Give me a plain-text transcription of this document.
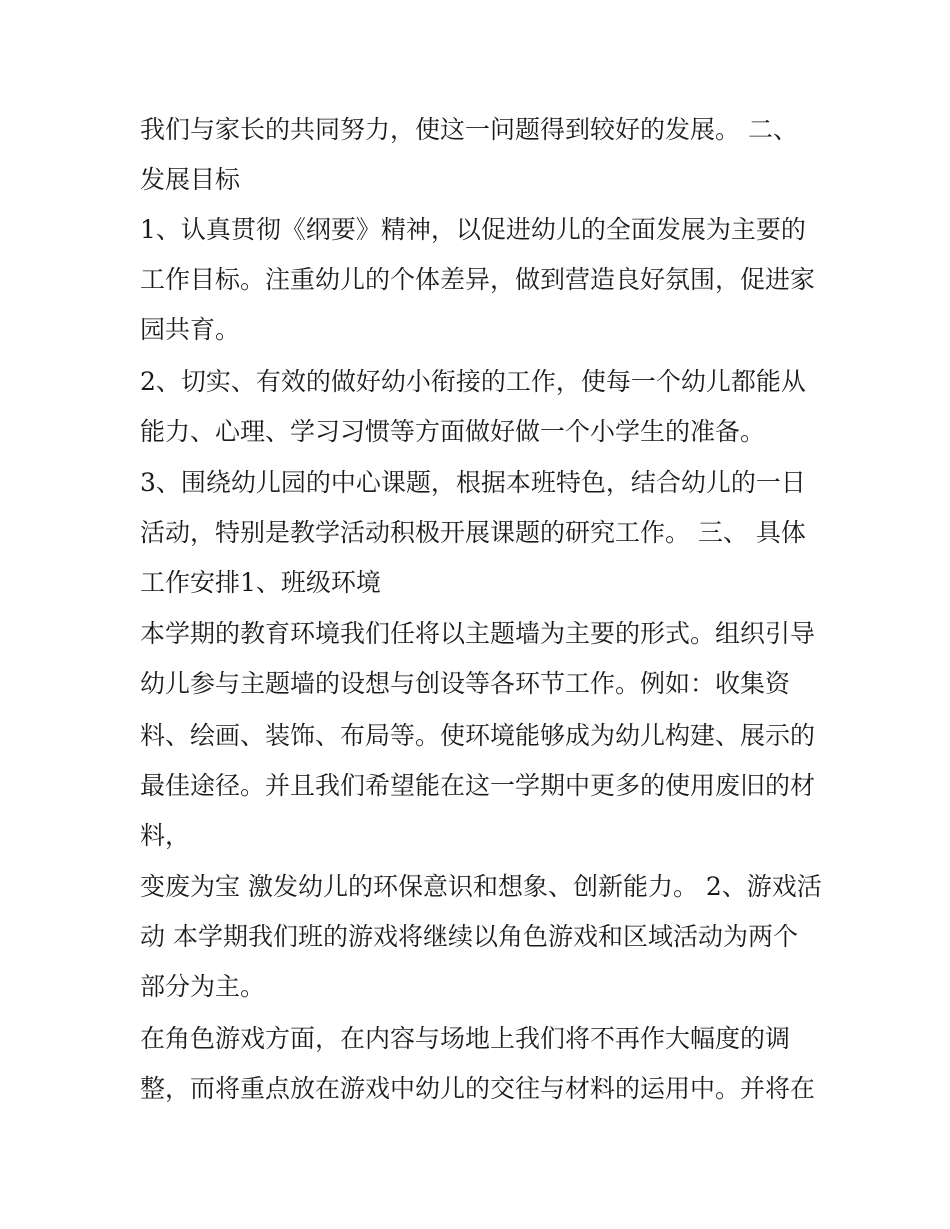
我们与家长的共同努力，使这一问题得到较好的发展。 二、
发展目标
1、认真贯彻《纲要》精神，以促进幼儿的全面发展为主要的
工作目标。注重幼儿的个体差异，做到营造良好氛围，促进家
园共育。
2、切实、有效的做好幼小衔接的工作，使每一个幼儿都能从
能力、心理、学习习惯等方面做好做一个小学生的准备。
3、围绕幼儿园的中心课题，根据本班特色，结合幼儿的一日
活动，特别是教学活动积极开展课题的研究工作。 三、 具体
工作安排1、班级环境
本学期的教育环境我们任将以主题墙为主要的形式。组织引导
幼儿参与主题墙的设想与创设等各环节工作。例如：收集资
料、绘画、装饰、布局等。使环境能够成为幼儿构建、展示的
最佳途径。并且我们希望能在这一学期中更多的使用废旧的材
料，
变废为宝 激发幼儿的环保意识和想象、创新能力。 2、游戏活
动 本学期我们班的游戏将继续以角色游戏和区域活动为两个
部分为主。
在角色游戏方面，在内容与场地上我们将不再作大幅度的调
整，而将重点放在游戏中幼儿的交往与材料的运用中。并将在
